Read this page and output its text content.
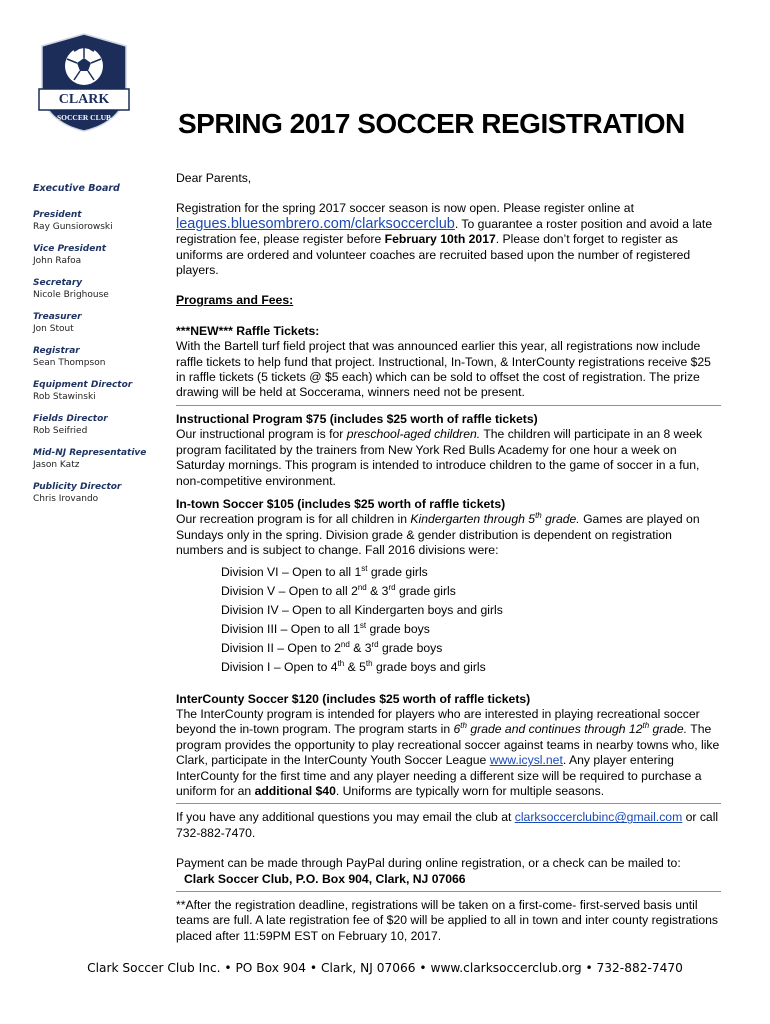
CLARK
SOCCER CLUB SPRING 2017 SOCCER REGISTRATION
Executive Board
President
Ray Gunsiorowski
Vice President
John Rafoa
Secretary
Nicole Brighouse
Treasurer
Jon Stout
Registrar
Sean Thompson
Equipment Director
Rob Stawinski
Fields Director
Rob Seifried
Mid-NJ Representative
Jason Katz
Publicity Director
Chris Irovando

Dear Parents,

Registration for the spring 2017 soccer season is now open. Please register online at
leagues.bluesombrero.com/clarksoccerclub. To guarantee a roster position and avoid a late registration fee, please register before February 10th 2017. Please don’t forget to register as uniforms are ordered and volunteer coaches are recruited based upon the number of registered players.

Programs and Fees:

***NEW*** Raffle Tickets:

With the Bartell turf field project that was announced earlier this year, all registrations now include raffle tickets to help fund that project. Instructional, In-Town, & InterCounty registrations receive $25 in raffle tickets (5 tickets @ $5 each) which can be sold to offset the cost of registration. The prize drawing will be held at Soccerama, winners need not be present.

Instructional Program $75 (includes $25 worth of raffle tickets)

Our instructional program is for preschool-aged children. The children will participate in an 8 week program facilitated by the trainers from New York Red Bulls Academy for one hour a week on Saturday mornings. This program is intended to introduce children to the game of soccer in a fun, non-competitive environment.

In-town Soccer $105 (includes $25 worth of raffle tickets)

Our recreation program is for all children in Kindergarten through 5th grade. Games are played on Sundays only in the spring. Division grade & gender distribution is dependent on registration numbers and is subject to change. Fall 2016 divisions were:

Division VI – Open to all 1st grade girls
Division V – Open to all 2nd & 3rd grade girls
Division IV – Open to all Kindergarten boys and girls
Division III – Open to all 1st grade boys
Division II – Open to 2nd & 3rd grade boys
Division I – Open to 4th & 5th grade boys and girls

InterCounty Soccer $120 (includes $25 worth of raffle tickets)

The InterCounty program is intended for players who are interested in playing recreational soccer beyond the in-town program. The program starts in 6th grade and continues through 12th grade. The program provides the opportunity to play recreational soccer against teams in nearby towns who, like Clark, participate in the InterCounty Youth Soccer League www.icysl.net. Any player entering InterCounty for the first time and any player needing a different size will be required to purchase a uniform for an additional $40. Uniforms are typically worn for multiple seasons.

If you have any additional questions you may email the club at clarksoccerclubinc@gmail.com or call 732-882-7470.

Payment can be made through PayPal during online registration, or a check can be mailed to:

Clark Soccer Club, P.O. Box 904, Clark, NJ 07066

**After the registration deadline, registrations will be taken on a first-come- first-served basis until teams are full. A late registration fee of $20 will be applied to all in town and inter county registrations placed after 11:59PM EST on February 10, 2017.

Clark Soccer Club Inc. • PO Box 904 • Clark, NJ 07066 • www.clarksoccerclub.org • 732-882-7470
